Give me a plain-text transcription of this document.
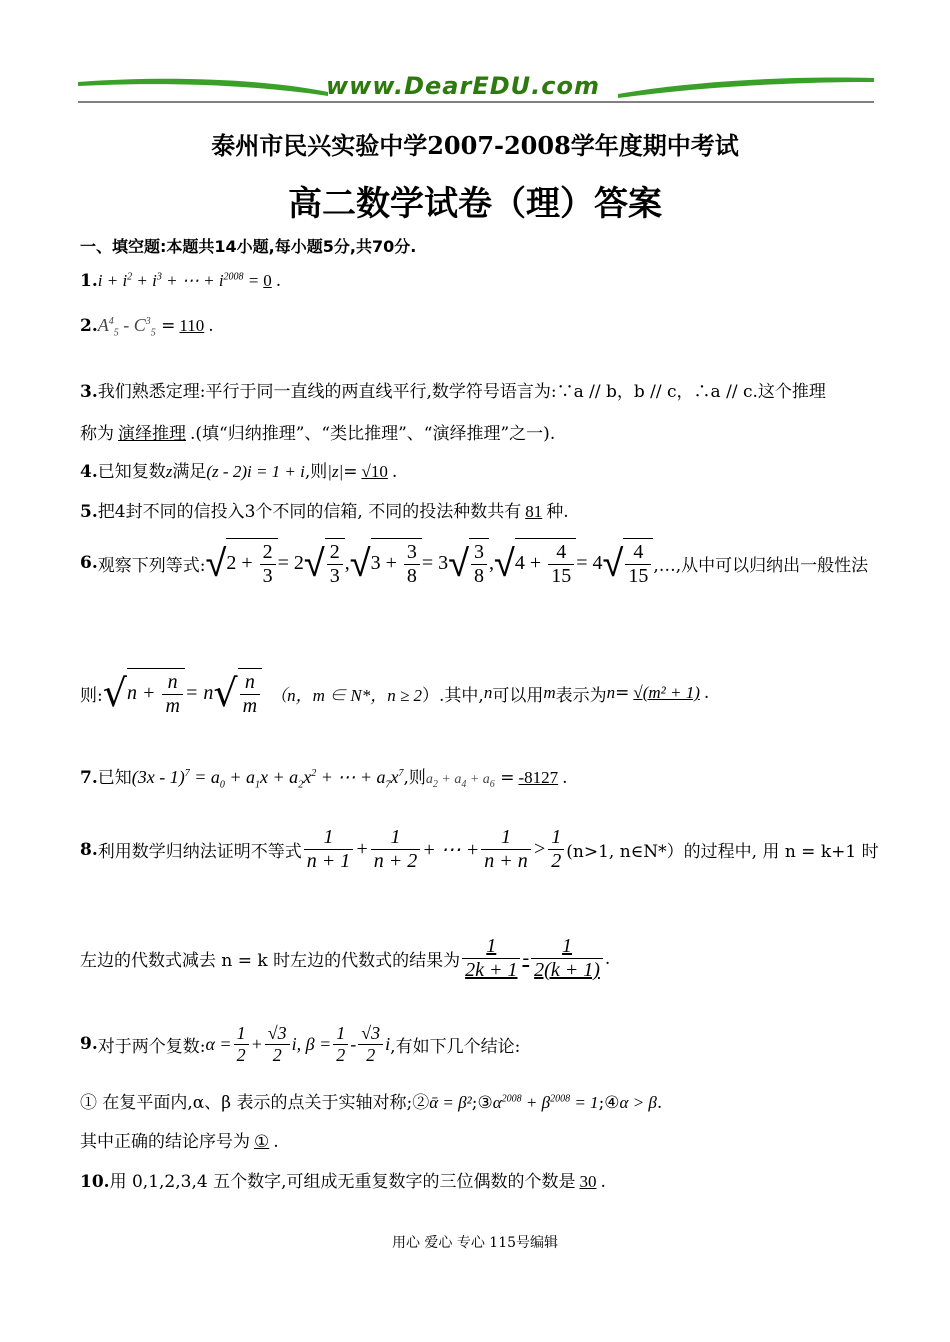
www.DearEDU.com
泰州市民兴实验中学2007-2008学年度期中考试
高二数学试卷（理）答案
一、填空题:本题共14小题,每小题5分,共70分.
$1.i + i^2 + i^3$ + ⋯ + $i^{2008} = 0$ .
$2.A^4_5 - C^3_5 = 110$ .
3.我们熟悉定理:平行于同一直线的两直线平行,数学符号语言为:∵a // b，b // c，∴a // c.这个推理
称为 演绎推理 .(填“归纳推理”、“类比推理”、“演绎推理”之一).
4.已知复数z满足(z - 2)i = 1 + i,则|z|= √10 .
5.把4封不同的信投入3个不同的信箱, 不同的投法种数共有 81 种.
6. 观察下列等式: $√2 + \frac{2}{3} = 2$ √ $\frac{2}{3}$ , $√3 + \frac{3}{8} = 3$ √ $\frac{3}{8}$ , $√4 + \frac{4}{15} = 4$ √ $\frac{4}{15}$ ,…,从中可以归纳出一般性法
则: $√n + \frac{n}{m} = n$ √ $\frac{n}{m} (n$，m ∈ N*，n ≥ 2 ）.其中, n 可以用 m 表示为 n = √(m² + 1) .
7.已知$(3x - 1)^7 = a_0 + a_1x + a_2x^2$ + ⋯ + $a_7x^7$,则$a_2 + a_4 + a_6 = -8127$ .
8. 利用数学归纳法证明不等式 $\frac{1}{n + 1} + \frac{1}{n + 2}$ + ⋯ + $\frac{1}{n + n} > \frac{1}{2} (n>1$, n∈N*）的过程中, 用 n = k+1 时
左边的代数式减去 n = k 时左边的代数式的结果为 $\frac{1}{2k + 1} - \frac{1}{2(k + 1)}$ .
9. 对于两个复数: $\alpha = \frac{1}{2} + \frac{√3}{2} i$, $\beta = \frac{1}{2} - \frac{√3}{2}$ i ,有如下几个结论:
① 在复平面内,α、β 表示的点关于实轴对称;②ᾱ = $\beta^2;③\alpha^{2008} + \beta^{2008}$ = 1;④α > β.
其中正确的结论序号为 ① .
10.用 0,1,2,3,4 五个数字,可组成无重复数字的三位偶数的个数是 30 .
用心 爱心 专心 115号编辑
